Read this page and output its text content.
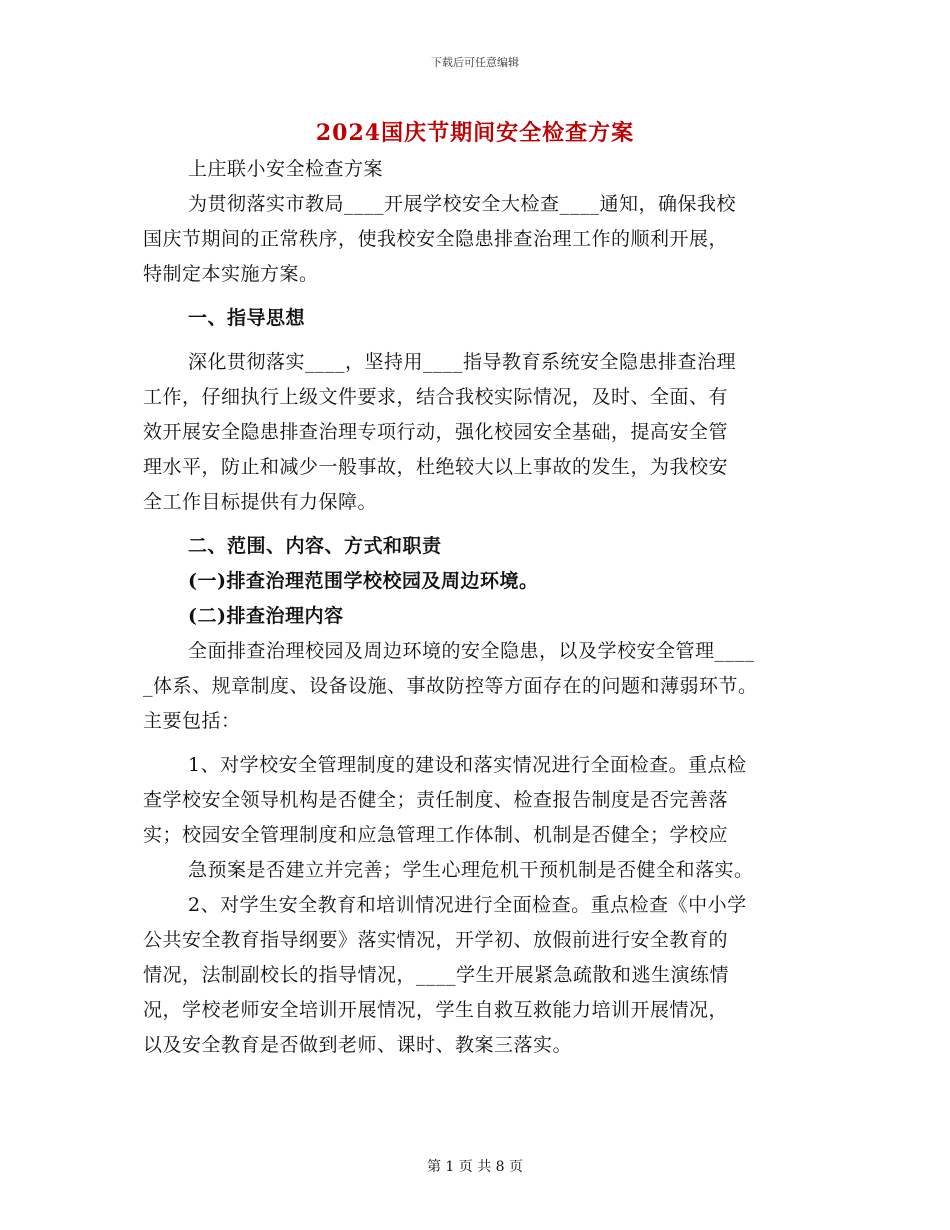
下载后可任意编辑
2024国庆节期间安全检查方案
上庄联小安全检查方案
为贯彻落实市教局____开展学校安全大检查____通知，确保我校
国庆节期间的正常秩序，使我校安全隐患排查治理工作的顺利开展，
特制定本实施方案。
一、指导思想
深化贯彻落实____，坚持用____指导教育系统安全隐患排查治理
工作，仔细执行上级文件要求，结合我校实际情况，及时、全面、有
效开展安全隐患排查治理专项行动，强化校园安全基础，提高安全管
理水平，防止和减少一般事故，杜绝较大以上事故的发生，为我校安
全工作目标提供有力保障。
二、范围、内容、方式和职责
(一)排查治理范围学校校园及周边环境。
(二)排查治理内容
全面排查治理校园及周边环境的安全隐患，以及学校安全管理____
_体系、规章制度、设备设施、事故防控等方面存在的问题和薄弱环节。
主要包括：
1、对学校安全管理制度的建设和落实情况进行全面检查。重点检
查学校安全领导机构是否健全；责任制度、检查报告制度是否完善落
实；校园安全管理制度和应急管理工作体制、机制是否健全；学校应
急预案是否建立并完善；学生心理危机干预机制是否健全和落实。
2、对学生安全教育和培训情况进行全面检查。重点检查《中小学
公共安全教育指导纲要》落实情况，开学初、放假前进行安全教育的
情况，法制副校长的指导情况，____学生开展紧急疏散和逃生演练情
况，学校老师安全培训开展情况，学生自救互救能力培训开展情况，
以及安全教育是否做到老师、课时、教案三落实。
第 1 页 共 8 页
